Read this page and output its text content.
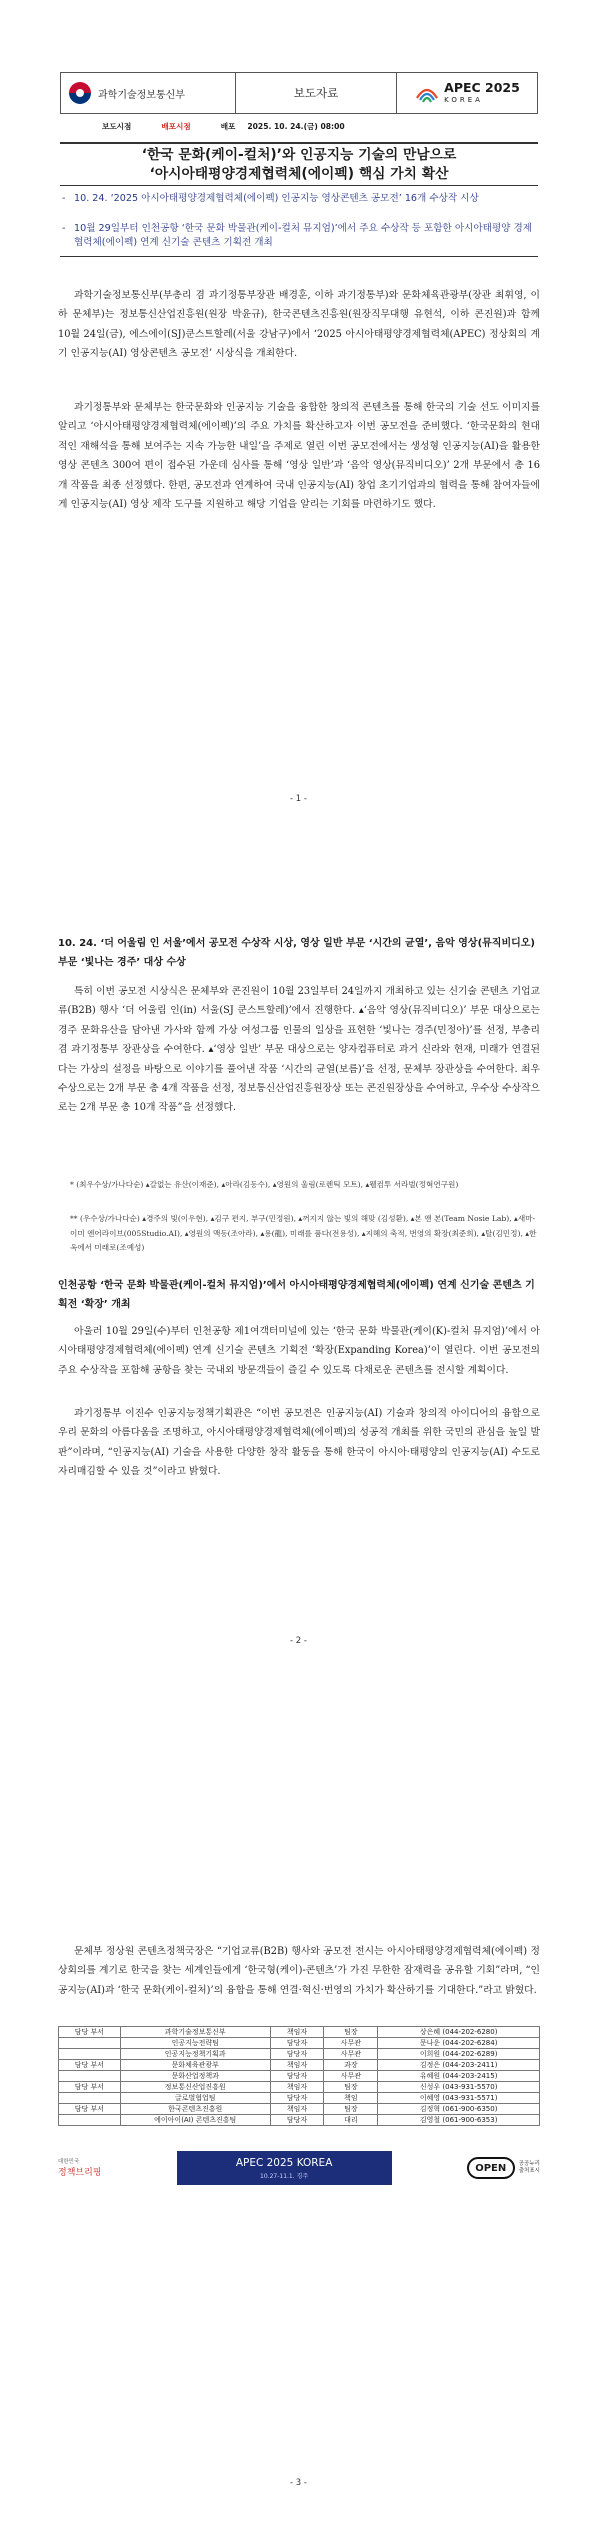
과학기술정보통신부	보도자료	APEC 2025
KOREA
보도시점	배포시점	배포 2025. 10. 24.(금) 08:00
‘한국 문화(케이-컬처)’와 인공지능 기술의 만남으로
‘아시아태평양경제협력체(에이펙) 핵심 가치 확산
- 10. 24. ‘2025 아시아태평양경제협력체(에이펙) 인공지능 영상콘텐츠 공모전’ 16개 수상작 시상
- 10월 29일부터 인천공항 ‘한국 문화 박물관(케이-컬처 뮤지엄)’에서 주요 수상작 등 포함한 아시아태평양 경제협력체(에이펙) 연계 신기술 콘텐츠 기획전 개최
과학기술정보통신부(부총리 겸 과기정통부장관 배경훈, 이하 과기정통부)와 문화체육관광부(장관 최휘영, 이하 문체부)는 정보통신산업진흥원(원장 박윤규), 한국콘텐츠진흥원(원장직무대행 유현석, 이하 콘진원)과 함께 10월 24일(금), 에스에이(SJ)쿤스트할레(서울 강남구)에서 ‘2025 아시아태평양경제협력체(APEC) 정상회의 계기 인공지능(AI) 영상콘텐츠 공모전’ 시상식을 개최한다.
과기정통부와 문체부는 한국문화와 인공지능 기술을 융합한 창의적 콘텐츠를 통해 한국의 기술 선도 이미지를 알리고 ‘아시아태평양경제협력체(에이펙)’의 주요 가치를 확산하고자 이번 공모전을 준비했다. ‘한국문화의 현대적인 재해석을 통해 보여주는 지속 가능한 내일’을 주제로 열린 이번 공모전에서는 생성형 인공지능(AI)을 활용한 영상 콘텐츠 300여 편이 접수된 가운데 심사를 통해 ‘영상 일반’과 ‘음악 영상(뮤직비디오)’ 2개 부문에서 총 16개 작품을 최종 선정했다. 한편, 공모전과 연계하여 국내 인공지능(AI) 창업 초기기업과의 협력을 통해 참여자들에게 인공지능(AI) 영상 제작 도구를 지원하고 해당 기업을 알리는 기회를 마련하기도 했다.
- 1 -
10. 24. ‘더 어울림 인 서울’에서 공모전 수상작 시상, 영상 일반 부문 ‘시간의 균열’, 음악 영상(뮤직비디오) 부문 ‘빛나는 경주’ 대상 수상
특히 이번 공모전 시상식은 문체부와 콘진원이 10월 23일부터 24일까지 개최하고 있는 신기술 콘텐츠 기업교류(B2B) 행사 ‘더 어울림 인(in) 서울(SJ 쿤스트할레)’에서 진행한다. ▴‘음악 영상(뮤직비디오)’ 부문 대상으로는 경주 문화유산을 담아낸 가사와 함께 가상 여성그룹 인물의 일상을 표현한 ‘빛나는 경주(민정아)’를 선정, 부총리 겸 과기정통부 장관상을 수여한다. ▴‘영상 일반’ 부문 대상으로는 양자컴퓨터로 과거 신라와 현재, 미래가 연결된다는 가상의 설정을 바탕으로 이야기를 풀어낸 작품 ‘시간의 균열(보름)’을 선정, 문체부 장관상을 수여한다. 최우수상으로는 2개 부문 총 4개 작품을 선정, 정보통신산업진흥원장상 또는 콘진원장상을 수여하고, 우수상 수상작으로는 2개 부문 총 10개 작품”을 선정했다.
* (최우수상/가나다순) ▴갈없는 유산(이재준), ▴아라(김동수), ▴영원의 울림(로렌틱 모트), ▴웰컴투 서라벌(정혁연구원)
** (우수상/가나다순) ▴경주의 빛(이우현), ▴김구 편지, 부구(민정원), ▴꺼지지 않는 빛의 해맞 (김성환), ▴본 앤 본(Team Nosie Lab), ▴새마-이미 엔어라이브(005Studio.AI), ▴영원의 맥동(조아라), ▴용(龍), 미래를 품다(전용성), ▴지혜의 축적, 번영의 확장(최준희), ▴탈(김민정), ▴한옥에서 미래로(조예성)
인천공항 ‘한국 문화 박물관(케이-컬처 뮤지엄)’에서 아시아태평양경제협력체(에이펙) 연계 신기술 콘텐츠 기획전 ‘확장’ 개최
아울러 10월 29일(수)부터 인천공항 제1여객터미널에 있는 ‘한국 문화 박물관(케이(K)-컬처 뮤지엄)’에서 아시아태평양경제협력체(에이펙) 연계 신기술 콘텐츠 기획전 ‘확장(Expanding Korea)’이 열린다. 이번 공모전의 주요 수상작을 포함해 공항을 찾는 국내외 방문객들이 즐길 수 있도록 다채로운 콘텐츠를 전시할 계획이다.
과기정통부 이진수 인공지능정책기획관은 “이번 공모전은 인공지능(AI) 기술과 창의적 아이디어의 융합으로 우리 문화의 아름다움을 조명하고, 아시아태평양경제협력체(에이펙)의 성공적 개최를 위한 국민의 관심을 높일 발판”이라며, “인공지능(AI) 기술을 사용한 다양한 창작 활동을 통해 한국이 아시아·태평양의 인공지능(AI) 수도로 자리매김할 수 있을 것”이라고 밝혔다.
- 2 -
문체부 정상원 콘텐츠정책국장은 “기업교류(B2B) 행사와 공모전 전시는 아시아태평양경제협력체(에이펙) 정상회의를 계기로 한국을 찾는 세계인들에게 ‘한국형(케이)-콘텐츠’가 가진 무한한 잠재력을 공유할 기회”라며, “인공지능(AI)과 ‘한국 문화(케이-컬처)’의 융합을 통해 연결·혁신·번영의 가치가 확산하기를 기대한다.”라고 밝혔다.
담당 부서	과학기술정보통신부	책임자	팀장	상은혜 (044-202-6280)
	인공지능전략팀	담당자	사무관	문나운 (044-202-6284)
	인공지능정책기획과	담당자	사무관	이희원 (044-202-6289)
담당 부서	문화체육관광부	책임자	과장	김정은 (044-203-2411)
	문화산업정책과	담당자	사무관	유혜원 (044-203-2415)
담당 부서	정보통신산업진흥원	책임자	팀장	신성우 (043-931-5570)
	글로벌협업팀	담당자	책임	이혜영 (043-931-5571)
담당 부서	한국콘텐츠진흥원	책임자	팀장	김정혁 (061-900-6350)
	에이아이(AI) 콘텐츠진흥팀	담당자	대리	김영철 (061-900-6353)
대한민국
정책브리핑
APEC 2025 KOREA
10.27-11.1. 경주
OPEN	공공누리
출처표시
- 3 -
